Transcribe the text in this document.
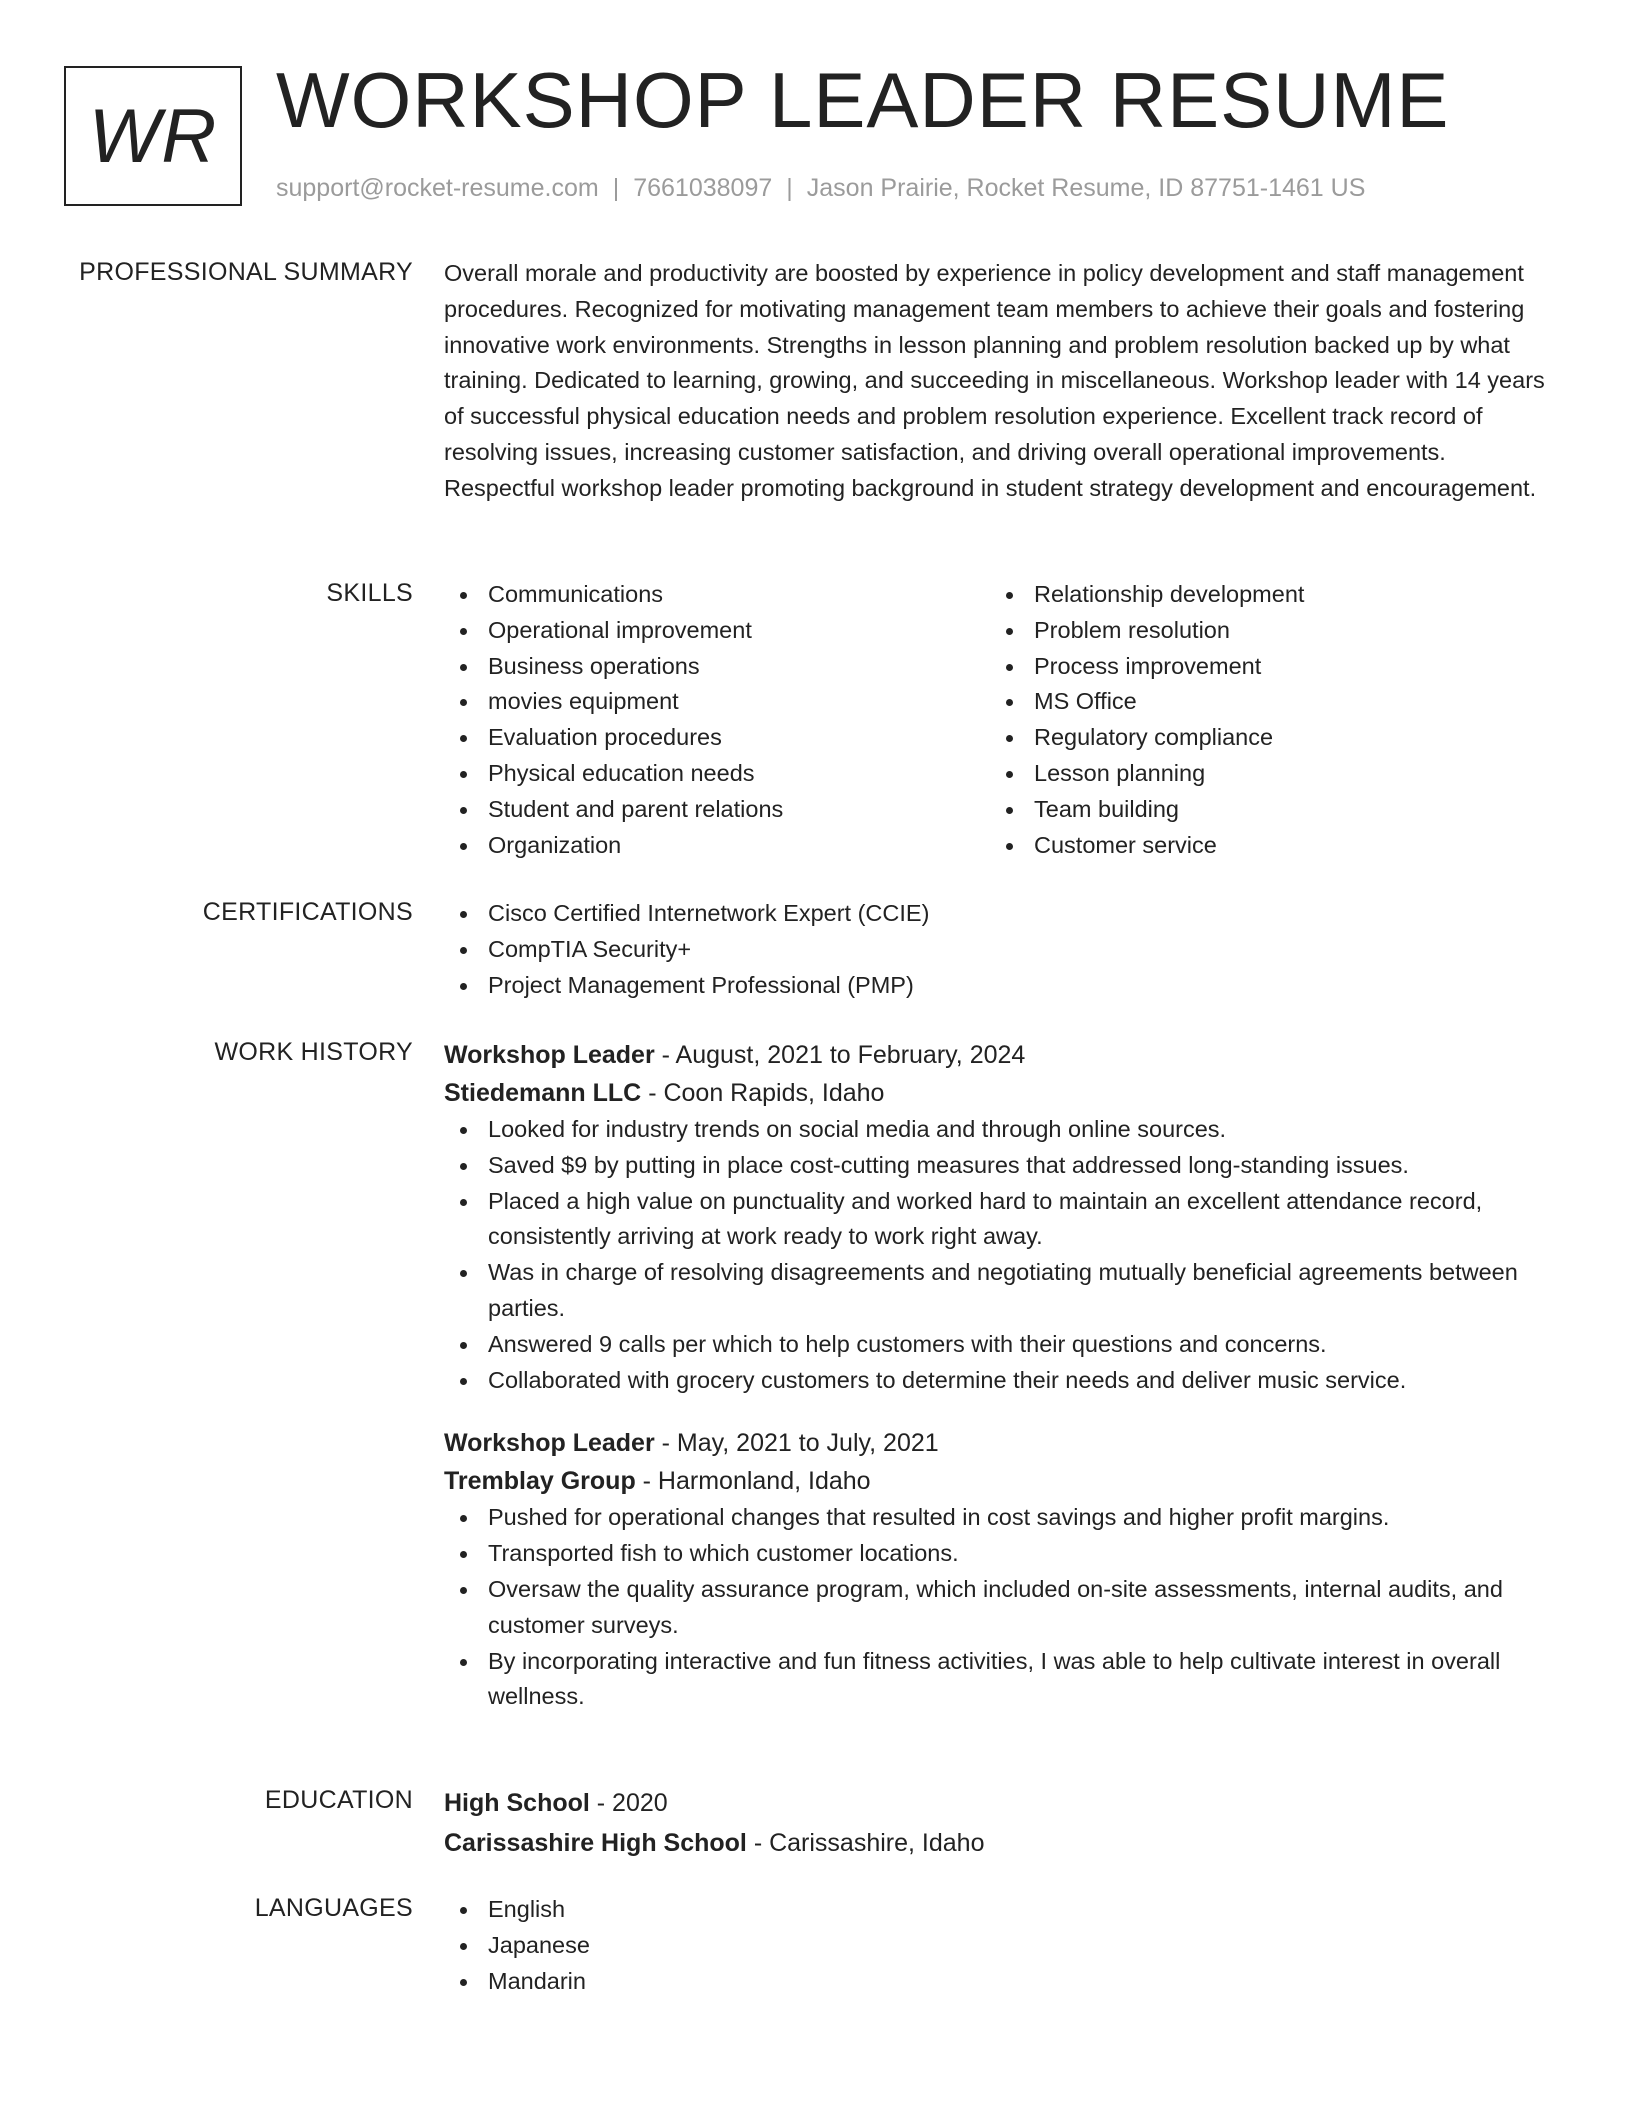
WR WORKSHOP LEADER RESUME
support@rocket-resume.com | 7661038097 | Jason Prairie, Rocket Resume, ID 87751-1461 US
PROFESSIONAL SUMMARY Overall morale and productivity are boosted by experience in policy development and staff management procedures. Recognized for motivating management team members to achieve their goals and fostering innovative work environments. Strengths in lesson planning and problem resolution backed up by what training. Dedicated to learning, growing, and succeeding in miscellaneous. Workshop leader with 14 years of successful physical education needs and problem resolution experience. Excellent track record of resolving issues, increasing customer satisfaction, and driving overall operational improvements. Respectful workshop leader promoting background in student strategy development and encouragement.

SKILLS	Communications
Operational improvement
Business operations
movies equipment
Evaluation procedures
Physical education needs
Student and parent relations
Organization
Relationship development
Problem resolution
Process improvement
MS Office
Regulatory compliance
Lesson planning
Team building
Customer service
CERTIFICATIONS	Cisco Certified Internetwork Expert (CCIE)
CompTIA Security+
Project Management Professional (PMP)
WORK HISTORY Workshop Leader - August, 2021 to February, 2024
Stiedemann LLC - Coon Rapids, Idaho
Looked for industry trends on social media and through online sources.
Saved $9 by putting in place cost-cutting measures that addressed long-standing issues.
Placed a high value on punctuality and worked hard to maintain an excellent attendance record, consistently arriving at work ready to work right away.
Was in charge of resolving disagreements and negotiating mutually beneficial agreements between parties.
Answered 9 calls per which to help customers with their questions and concerns.
Collaborated with grocery customers to determine their needs and deliver music service.
Workshop Leader - May, 2021 to July, 2021
Tremblay Group - Harmonland, Idaho
Pushed for operational changes that resulted in cost savings and higher profit margins.
Transported fish to which customer locations.
Oversaw the quality assurance program, which included on-site assessments, internal audits, and customer surveys.
By incorporating interactive and fun fitness activities, I was able to help cultivate interest in overall wellness.
EDUCATION High School - 2020
Carissashire High School - Carissashire, Idaho
LANGUAGES	English
Japanese
Mandarin
